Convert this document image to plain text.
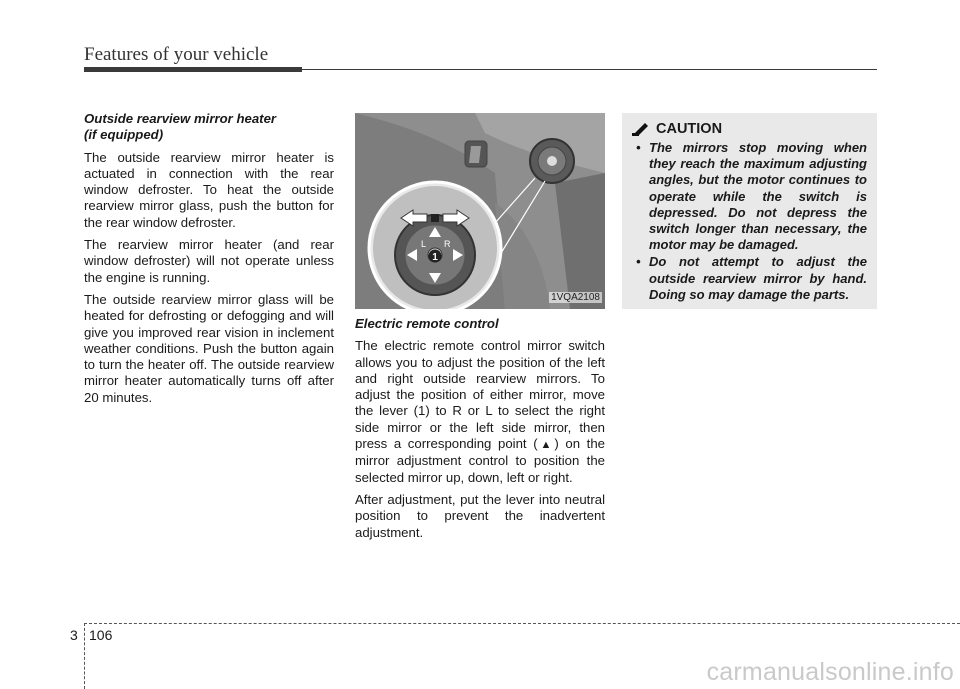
Features of your vehicle
Outside rearview mirror heater
(if equipped)

The outside rearview mirror heater is actuated in connection with the rear window defroster. To heat the outside rearview mirror glass, push the button for the rear window defroster.

The rearview mirror heater (and rear window defroster) will not operate unless the engine is running.

The outside rearview mirror glass will be heated for defrosting or defogging and will give you improved rear vision in inclement weather conditions. Push the button again to turn the heater off. The outside rearview mirror heater automatically turns off after 20 minutes.

L R
1
1VQA2108
Electric remote control

The electric remote control mirror switch allows you to adjust the position of the left and right outside rearview mirrors. To adjust the position of either mirror, move the lever (1) to R or L to select the right side mirror or the left side mirror, then press a corresponding point (▲) on the mirror adjustment control to position the selected mirror up, down, left or right.

After adjustment, put the lever into neutral position to prevent the inadvertent adjustment.

CAUTION
• The mirrors stop moving when they reach the maximum adjusting angles, but the motor continues to operate while the switch is depressed. Do not depress the switch longer than necessary, the motor may be damaged.
• Do not attempt to adjust the outside rearview mirror by hand. Doing so may damage the parts.
3 106
carmanualsonline.info
